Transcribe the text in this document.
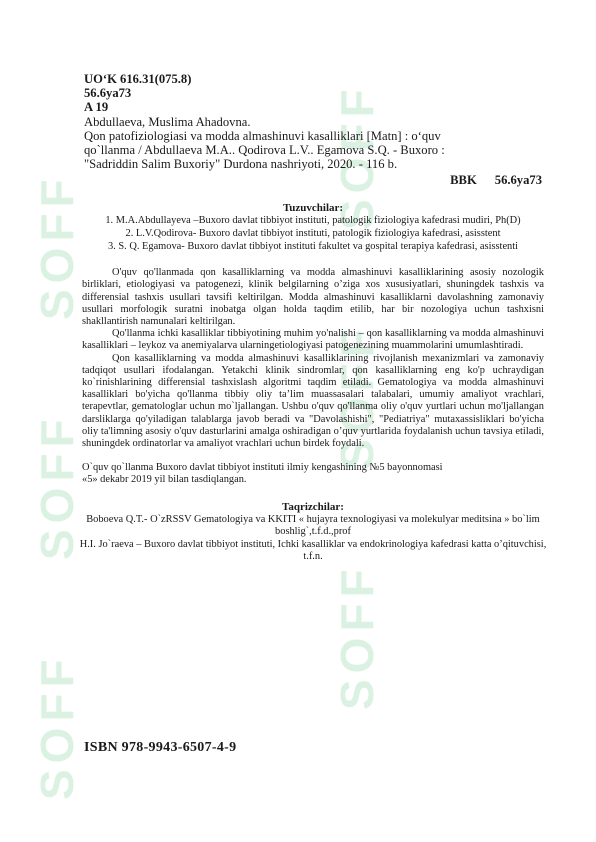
SOFF
SOFF
SOFF
SOFF
SOFF
SOFF
UO‘K 616.31(075.8)
56.6ya73
A 19
Abdullaeva, Muslima Ahadovna.
Qon patofiziologiasi va modda almashinuvi kasalliklari [Matn] : o‘quv
qo`llanma / Abdullaeva M.A.. Qodirova L.V.. Egamova S.Q. - Buxoro :
"Sadriddin Salim Buxoriy" Durdona nashriyoti, 2020. - 116 b.
BBK 56.6ya73
Tuzuvchilar:

1. M.A.Abdullayeva –Buxoro davlat tibbiyot instituti, patologik fiziologiya kafedrasi mudiri, Ph(D)

2. L.V.Qodirova- Buxoro davlat tibbiyot instituti, patologik fiziologiya kafedrasi, asisstent

3. S. Q. Egamova- Buxoro davlat tibbiyot instituti fakultet va gospital terapiya kafedrasi, asisstenti

O'quv qo'llanmada qon kasalliklarning va modda almashinuvi kasalliklarining asosiy nozologik birliklari, etiologiyasi va patogenezi, klinik belgilarning o’ziga xos xususiyatlari, shuningdek tashxis va differensial tashxis usullari tavsifi keltirilgan. Modda almashinuvi kasalliklarni davolashning zamonaviy usullari morfologik suratni inobatga olgan holda taqdim etilib, har bir nozologiya uchun tashxisni shakllantirish namunalari keltirilgan.

Qo'llanma ichki kasalliklar tibbiyotining muhim yo'nalishi – qon kasalliklarning va modda almashinuvi kasalliklari – leykoz va anemiyalarva ularningetiologiyasi patogenezining muammolarini umumlashtiradi.

Qon kasalliklarning va modda almashinuvi kasalliklarining rivojlanish mexanizmlari va zamonaviy tadqiqot usullari ifodalangan. Yetakchi klinik sindromlar, qon kasalliklarning eng ko'p uchraydigan ko`rinishlarining differensial tashxislash algoritmi taqdim etiladi. Gematologiya va modda almashinuvi kasalliklari bo'yicha qo'llanma tibbiy oliy ta’lim muassasalari talabalari, umumiy amaliyot vrachlari, terapevtlar, gematologlar uchun mo`ljallangan. Ushbu o'quv qo'llanma oliy o'quv yurtlari uchun mo'ljallangan darsliklarga qo'yiladigan talablarga javob beradi va "Davolashishi", "Pediatriya" mutaxassisliklari bo'yicha oliy ta'limning asosiy o'quv dasturlarini amalga oshiradigan o’quv yurtlarida foydalanish uchun tavsiya etiladi, shuningdek ordinatorlar va amaliyot vrachlari uchun birdek foydali.

O`quv qo`llanma Buxoro davlat tibbiyot instituti ilmiy kengashining №5 bayonnomasi

«5» dekabr 2019 yil bilan tasdiqlangan.

Taqrizchilar:

Boboeva Q.T.- O`zRSSV Gematologiya va KKITI « hujayra texnologiyasi va molekulyar meditsina » bo`lim boshlig`,t.f.d.,prof

H.I. Jo`raeva – Buxoro davlat tibbiyot instituti, Ichki kasalliklar va endokrinologiya kafedrasi katta o’qituvchisi, t.f.n.

ISBN 978-9943-6507-4-9
